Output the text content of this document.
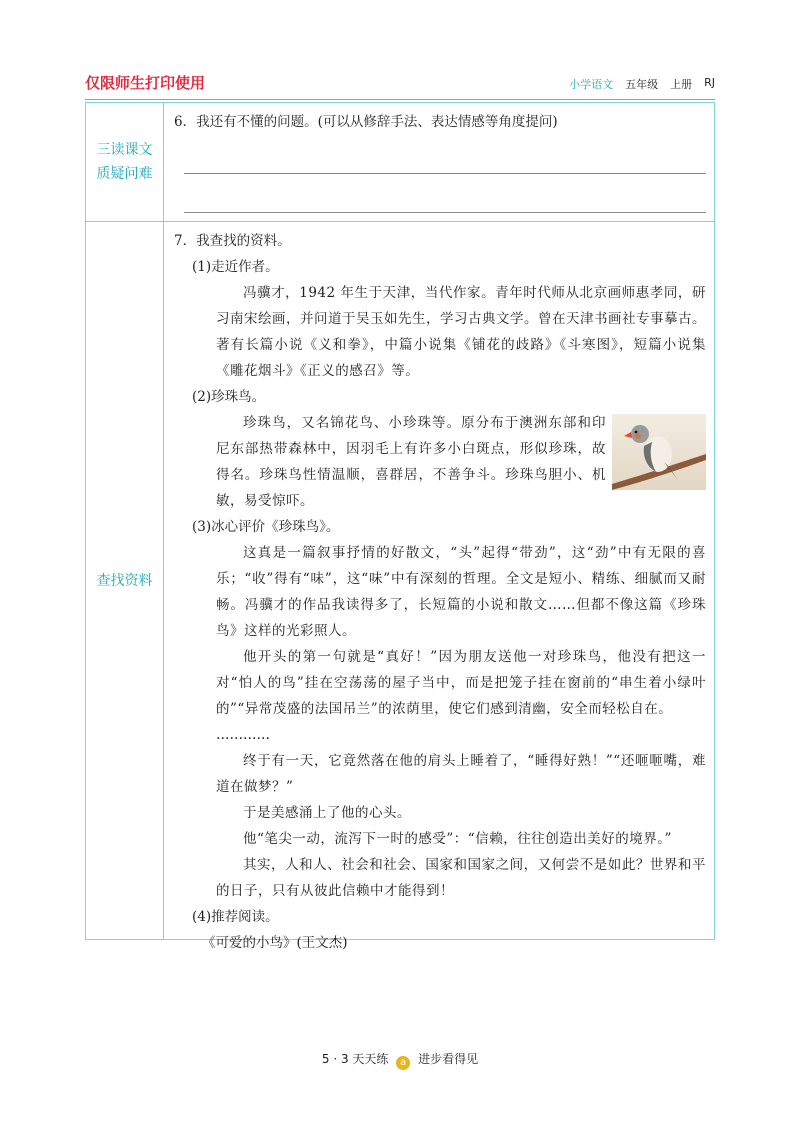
仅限师生打印使用	小学语文 五年级 上册 RJ
三读课文
质疑问难

6．我还有不懂的问题。(可以从修辞手法、表达情感等角度提问)

查找资料

7．我查找的资料。

(1)走近作者。

冯骥才，1942 年生于天津，当代作家。青年时代师从北京画师惠孝同，研习南宋绘画，并问道于吴玉如先生，学习古典文学。曾在天津书画社专事摹古。著有长篇小说《义和拳》，中篇小说集《铺花的歧路》《斗寒图》，短篇小说集《雕花烟斗》《正义的感召》等。

(2)珍珠鸟。

珍珠鸟，又名锦花鸟、小珍珠等。原分布于澳洲东部和印尼东部热带森林中，因羽毛上有许多小白斑点，形似珍珠，故得名。珍珠鸟性情温顺，喜群居，不善争斗。珍珠鸟胆小、机敏，易受惊吓。

(3)冰心评价《珍珠鸟》。

这真是一篇叙事抒情的好散文，“头”起得“带劲”，这“劲”中有无限的喜乐；“收”得有“味”，这“味”中有深刻的哲理。全文是短小、精练、细腻而又耐畅。冯骥才的作品我读得多了，长短篇的小说和散文……但都不像这篇《珍珠鸟》这样的光彩照人。

他开头的第一句就是“真好！”因为朋友送他一对珍珠鸟，他没有把这一对“怕人的鸟”挂在空荡荡的屋子当中，而是把笼子挂在窗前的“串生着小绿叶的”“异常茂盛的法国吊兰”的浓荫里，使它们感到清幽，安全而轻松自在。

…………

终于有一天，它竟然落在他的肩头上睡着了，“睡得好熟！”“还咂咂嘴，难道在做梦？”

于是美感涌上了他的心头。

他“笔尖一动，流泻下一时的感受”：“信赖，往往创造出美好的境界。”

其实，人和人、社会和社会、国家和国家之间，又何尝不是如此？世界和平的日子，只有从彼此信赖中才能得到！

(4)推荐阅读。

《可爱的小鸟》(王文杰)

5 · 3 天天练 a 进步看得见
